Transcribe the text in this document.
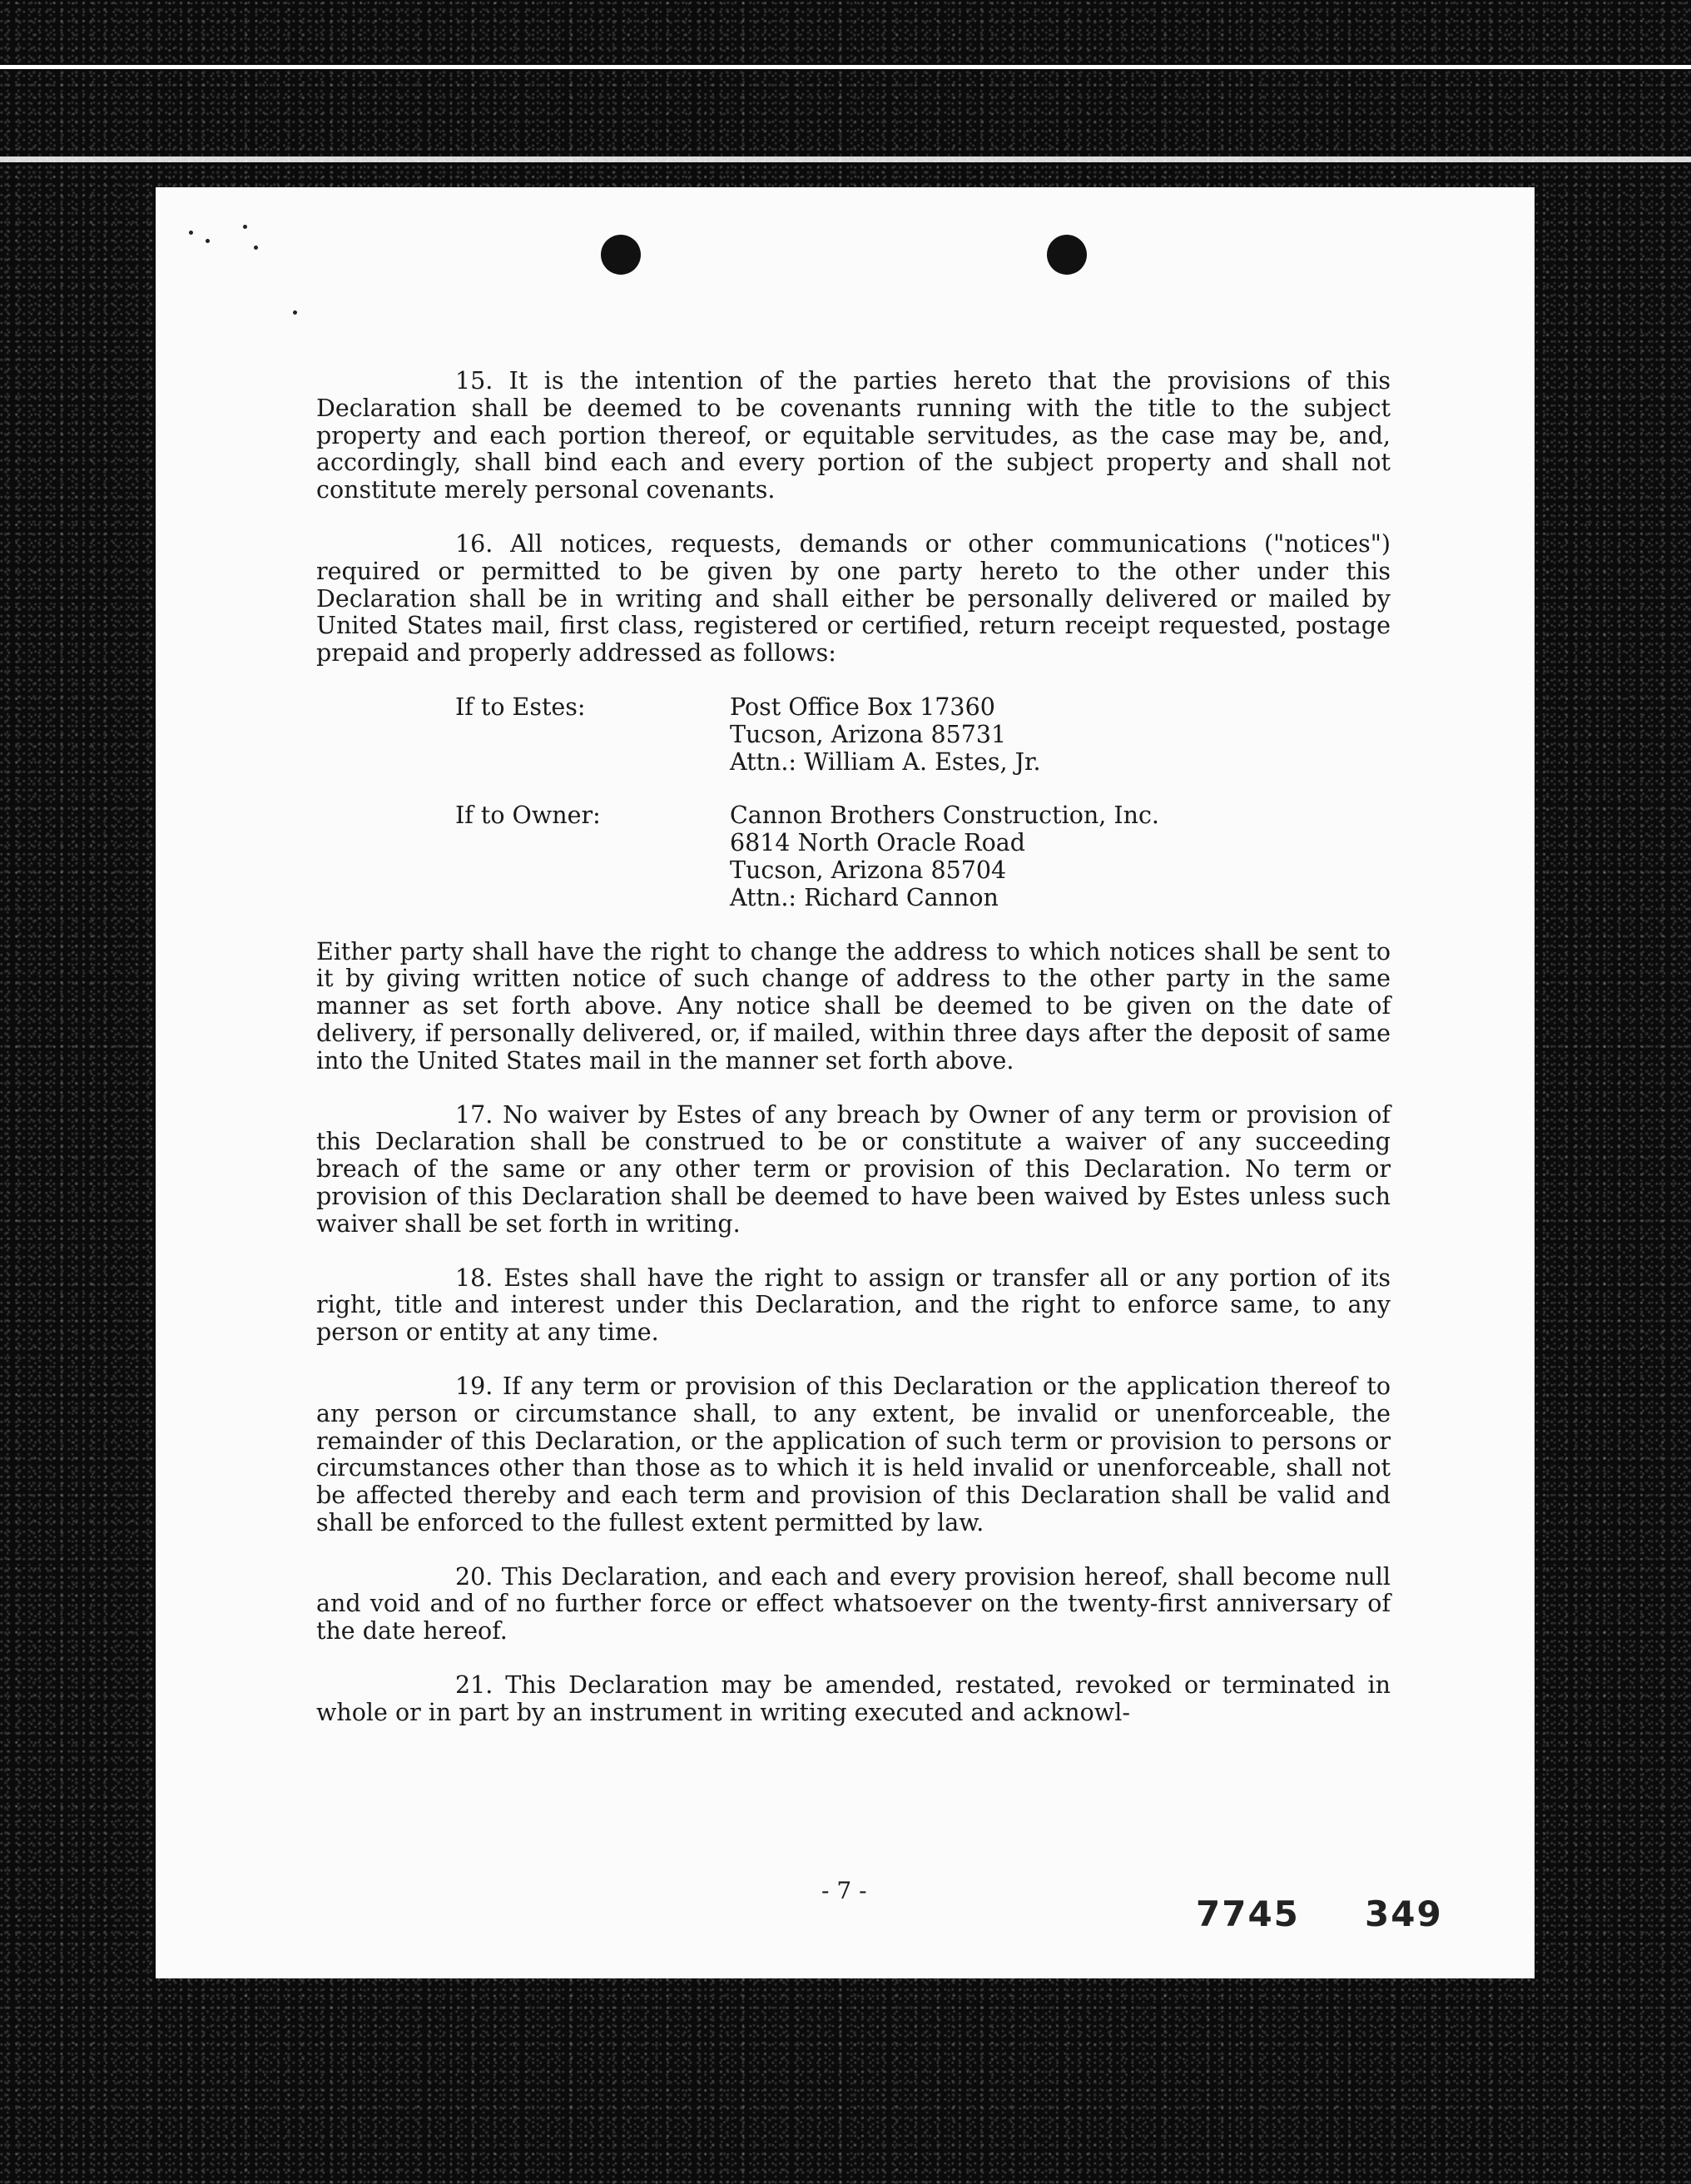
15. It is the intention of the parties hereto that the provisions of this Declaration shall be deemed to be covenants running with the title to the subject property and each portion thereof, or equitable servitudes, as the case may be, and, accordingly, shall bind each and every portion of the subject property and shall not constitute merely personal covenants.

16. All notices, requests, demands or other communications ("notices") required or permitted to be given by one party hereto to the other under this Declaration shall be in writing and shall either be personally delivered or mailed by United States mail, first class, registered or certified, return receipt requested, postage prepaid and properly addressed as follows:

If to Estes:	Post Office Box 17360
Tucson, Arizona 85731
Attn.: William A. Estes, Jr.
If to Owner:	Cannon Brothers Construction, Inc.
6814 North Oracle Road
Tucson, Arizona 85704
Attn.: Richard Cannon

Either party shall have the right to change the address to which notices shall be sent to it by giving written notice of such change of address to the other party in the same manner as set forth above. Any notice shall be deemed to be given on the date of delivery, if personally delivered, or, if mailed, within three days after the deposit of same into the United States mail in the manner set forth above.

17. No waiver by Estes of any breach by Owner of any term or provision of this Declaration shall be construed to be or constitute a waiver of any succeeding breach of the same or any other term or provision of this Declaration. No term or provision of this Declaration shall be deemed to have been waived by Estes unless such waiver shall be set forth in writing.

18. Estes shall have the right to assign or transfer all or any portion of its right, title and interest under this Declaration, and the right to enforce same, to any person or entity at any time.

19. If any term or provision of this Declaration or the application thereof to any person or circumstance shall, to any extent, be invalid or unenforceable, the remainder of this Declaration, or the application of such term or provision to persons or circumstances other than those as to which it is held invalid or unenforceable, shall not be affected thereby and each term and provision of this Declaration shall be valid and shall be enforced to the fullest extent permitted by law.

20. This Declaration, and each and every provision hereof, shall become null and void and of no further force or effect whatsoever on the twenty-first anniversary of the date hereof.

21. This Declaration may be amended, restated, revoked or terminated in whole or in part by an instrument in writing executed and acknowl-

- 7 -
7745 349
